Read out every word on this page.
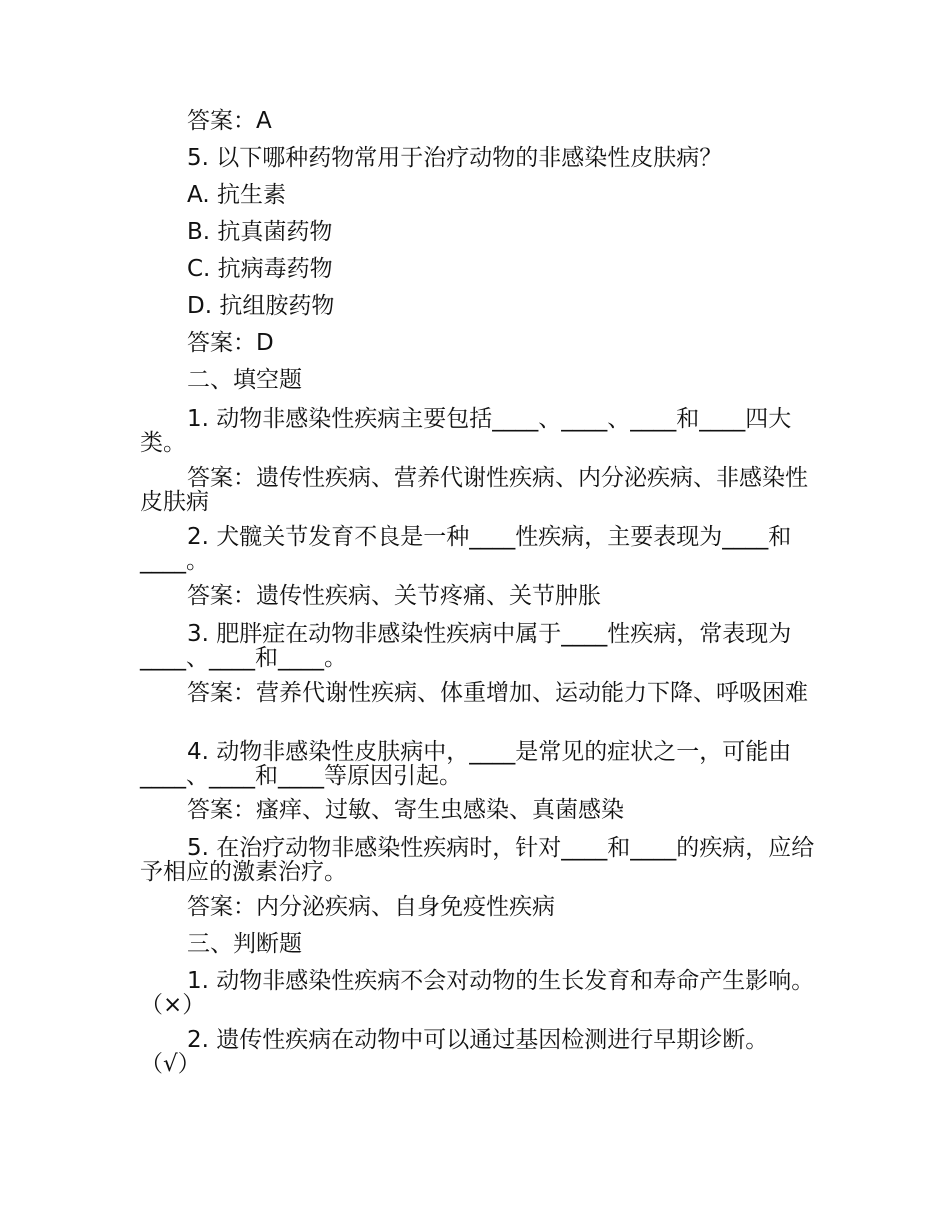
答案：A

5. 以下哪种药物常用于治疗动物的非感染性皮肤病？

A. 抗生素

B. 抗真菌药物

C. 抗病毒药物

D. 抗组胺药物

答案：D

二、填空题

1. 动物非感染性疾病主要包括____、____、____和____四大类。

答案：遗传性疾病、营养代谢性疾病、内分泌疾病、非感染性皮肤病

2. 犬髋关节发育不良是一种____性疾病，主要表现为____和____。

答案：遗传性疾病、关节疼痛、关节肿胀

3. 肥胖症在动物非感染性疾病中属于____性疾病，常表现为____、____和____。

答案：营养代谢性疾病、体重增加、运动能力下降、呼吸困难

4. 动物非感染性皮肤病中，____是常见的症状之一，可能由____、____和____等原因引起。

答案：瘙痒、过敏、寄生虫感染、真菌感染

5. 在治疗动物非感染性疾病时，针对____和____的疾病，应给予相应的激素治疗。

答案：内分泌疾病、自身免疫性疾病

三、判断题

1. 动物非感染性疾病不会对动物的生长发育和寿命产生影响。 （×）

2. 遗传性疾病在动物中可以通过基因检测进行早期诊断。 （√）
